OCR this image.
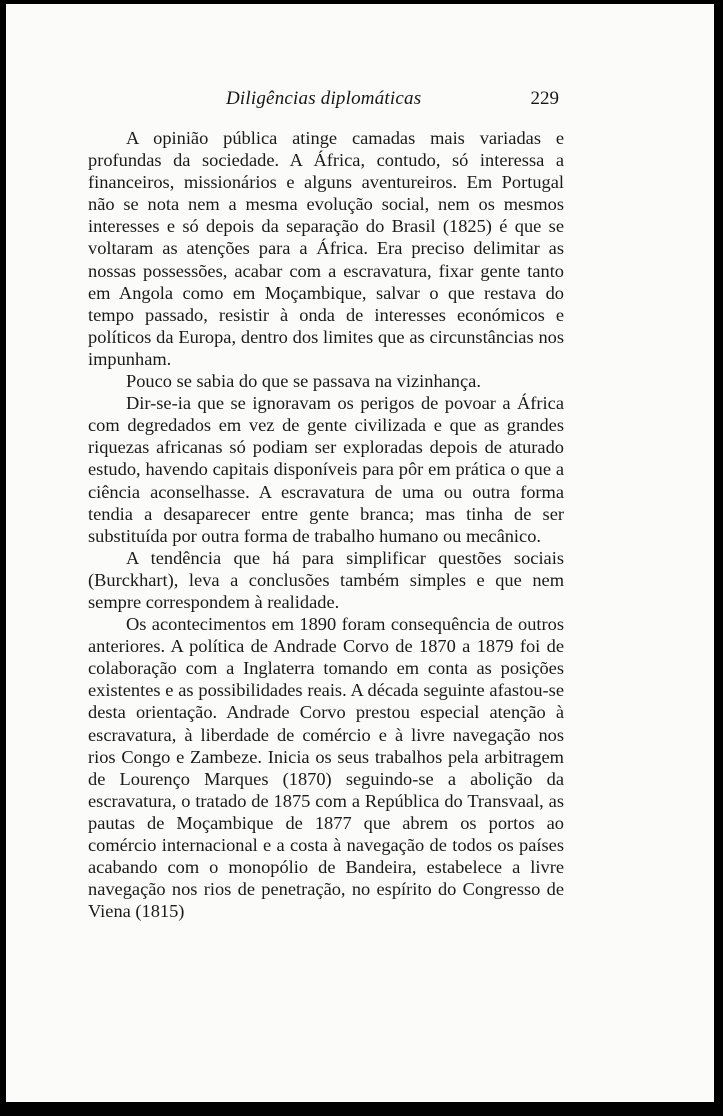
Diligências diplomáticas	229

A opinião pública atinge camadas mais variadas e profundas da sociedade. A África, contudo, só interessa a financeiros, missionários e alguns aventureiros. Em Portugal não se nota nem a mesma evolução social, nem os mesmos interesses e só depois da separação do Brasil (1825) é que se voltaram as atenções para a África. Era preciso delimitar as nossas possessões, acabar com a escravatura, fixar gente tanto em Angola como em Moçambique, salvar o que restava do tempo passado, resistir à onda de interesses económicos e políticos da Europa, dentro dos limites que as circunstâncias nos impunham.

Pouco se sabia do que se passava na vizinhança.

Dir-se-ia que se ignoravam os perigos de povoar a África com degredados em vez de gente civilizada e que as grandes riquezas africanas só podiam ser exploradas depois de aturado estudo, havendo capitais disponíveis para pôr em prática o que a ciência aconselhasse. A escravatura de uma ou outra forma tendia a desaparecer entre gente branca; mas tinha de ser substituída por outra forma de trabalho humano ou mecânico.

A tendência que há para simplificar questões sociais (Burckhart), leva a conclusões também simples e que nem sempre correspondem à realidade.

Os acontecimentos em 1890 foram consequência de outros anteriores. A política de Andrade Corvo de 1870 a 1879 foi de colaboração com a Inglaterra tomando em conta as posições existentes e as possibilidades reais. A década seguinte afastou-se desta orientação. Andrade Corvo prestou especial atenção à escravatura, à liberdade de comércio e à livre navegação nos rios Congo e Zambeze. Inicia os seus trabalhos pela arbitragem de Lourenço Marques (1870) seguindo-se a abolição da escravatura, o tratado de 1875 com a República do Transvaal, as pautas de Moçambique de 1877 que abrem os portos ao comércio internacional e a costa à navegação de todos os países acabando com o monopólio de Bandeira, estabelece a livre navegação nos rios de penetração, no espírito do Congresso de Viena (1815)
